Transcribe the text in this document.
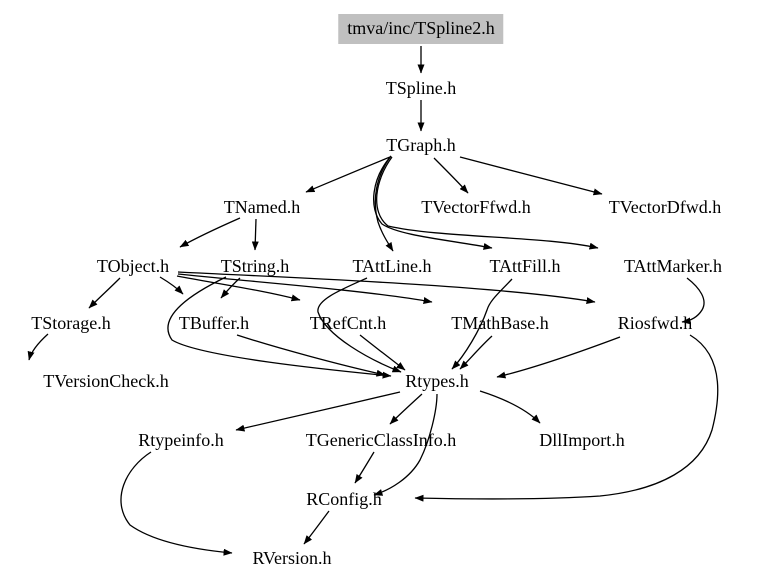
tmva/inc/TSpline2.h
TSpline.h
TGraph.h
TNamed.h	TVectorFfwd.h	TVectorDfwd.h
TObject.h	TString.h	TAttLine.h	TAttFill.h	TAttMarker.h
TStorage.h	TBuffer.h	TRefCnt.h	TMathBase.h	Riosfwd.h
TVersionCheck.h	Rtypes.h
Rtypeinfo.h	TGenericClassInfo.h	DllImport.h
RConfig.h
RVersion.h
